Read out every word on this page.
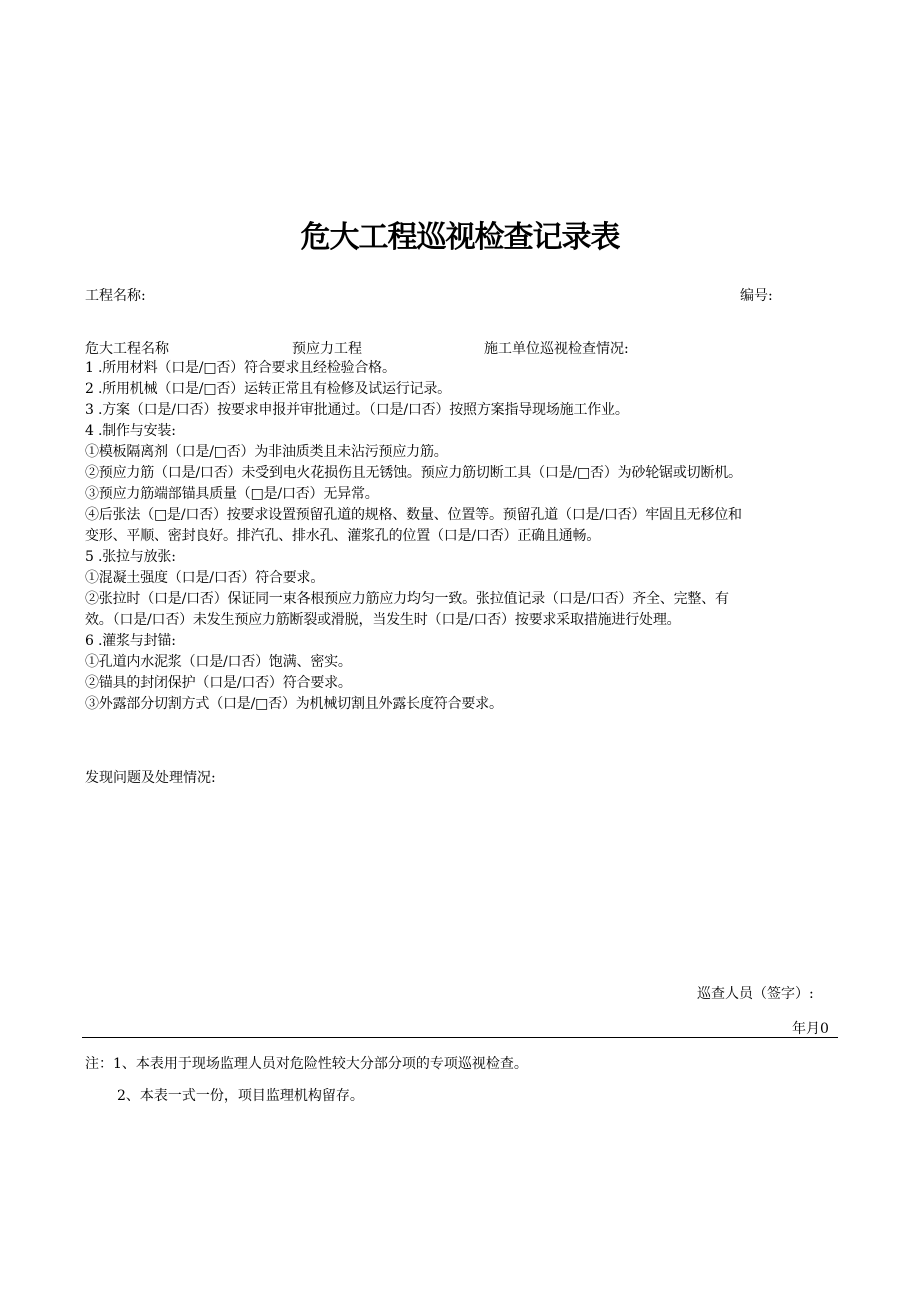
危大工程巡视检查记录表
工程名称:	编号:
危大工程名称	预应力工程	施工单位巡视检查情况:
1 .所用材料（口是/□否）符合要求且经检验合格。
2 .所用机械（口是/□否）运转正常且有检修及试运行记录。
3 .方案（口是/口否）按要求申报并审批通过。（口是/口否）按照方案指导现场施工作业。
4 .制作与安装:
①模板隔离剂（口是/□否）为非油质类且未沾污预应力筋。
②预应力筋（口是/口否）未受到电火花损伤且无锈蚀。预应力筋切断工具（口是/□否）为砂轮锯或切断机。
③预应力筋端部锚具质量（□是/口否）无异常。
④后张法（□是/口否）按要求设置预留孔道的规格、数量、位置等。预留孔道（口是/口否）牢固且无移位和
变形、平顺、密封良好。排汽孔、排水孔、灌浆孔的位置（口是/口否）正确且通畅。
5 .张拉与放张:
①混凝土强度（口是/口否）符合要求。
②张拉时（口是/口否）保证同一束各根预应力筋应力均匀一致。张拉值记录（口是/口否）齐全、完整、有
效。（口是/口否）未发生预应力筋断裂或滑脱，当发生时（口是/口否）按要求采取措施进行处理。
6 .灌浆与封锚:
①孔道内水泥浆（口是/口否）饱满、密实。
②锚具的封闭保护（口是/口否）符合要求。
③外露部分切割方式（口是/□否）为机械切割且外露长度符合要求。
发现问题及处理情况:
巡查人员（签字）:
年月0
注：1、本表用于现场监理人员对危险性较大分部分项的专项巡视检查。
2、本表一式一份，项目监理机构留存。
